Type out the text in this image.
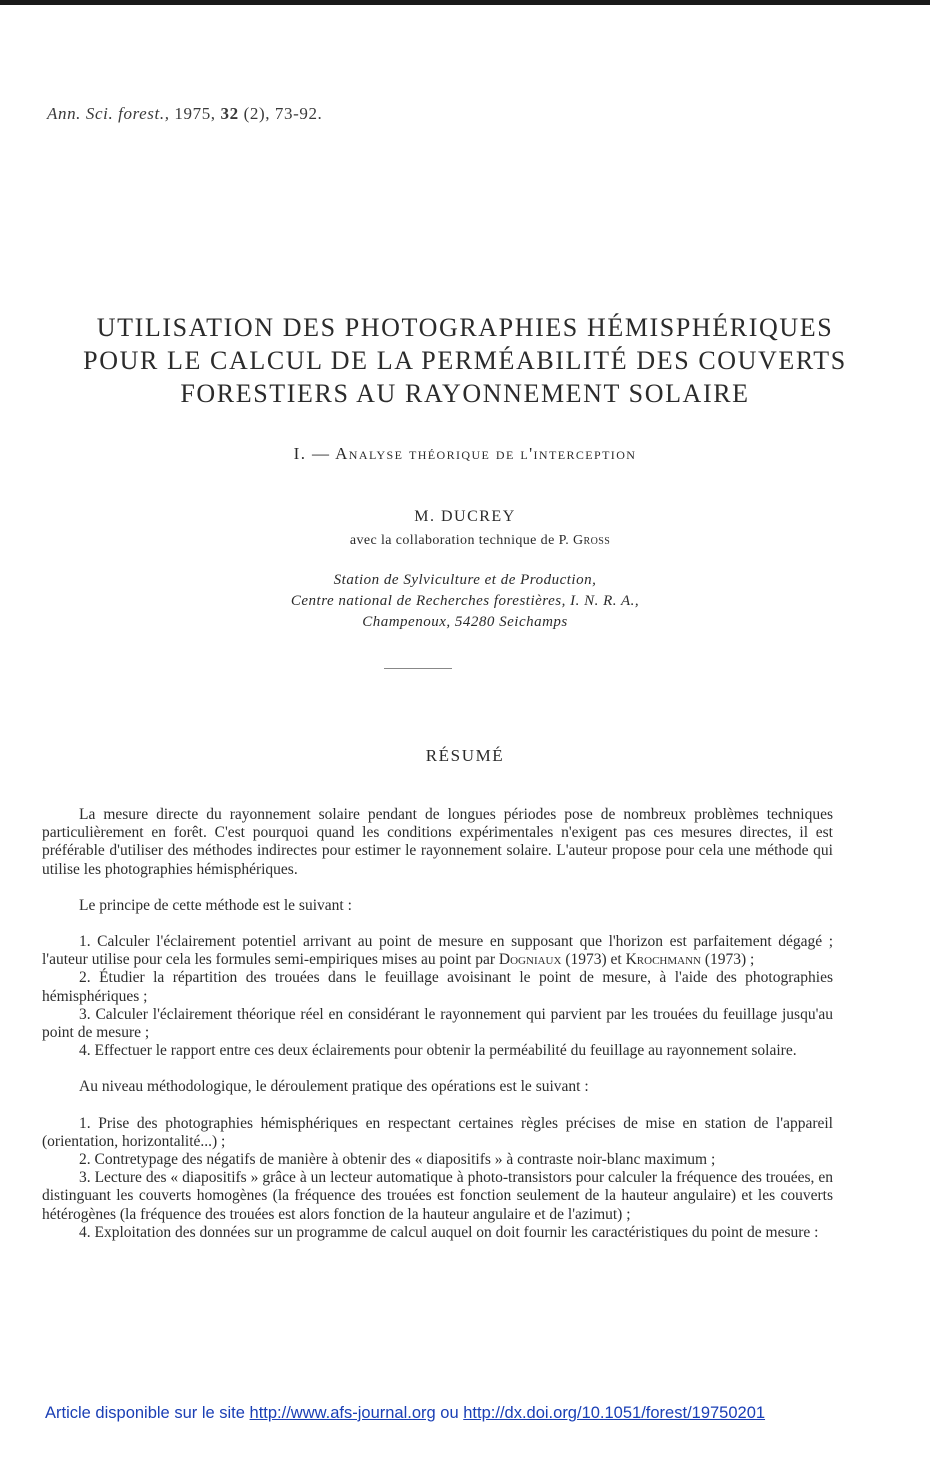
Ann. Sci. forest., 1975, 32 (2), 73-92.
UTILISATION DES PHOTOGRAPHIES HÉMISPHÉRIQUES
POUR LE CALCUL DE LA PERMÉABILITÉ DES COUVERTS
FORESTIERS AU RAYONNEMENT SOLAIRE
I. — Analyse théorique de l'interception
M. DUCREY
avec la collaboration technique de P. Gross
Station de Sylviculture et de Production,
Centre national de Recherches forestières, I. N. R. A.,
Champenoux, 54280 Seichamps
RÉSUMÉ

La mesure directe du rayonnement solaire pendant de longues périodes pose de nombreux problèmes techniques particulièrement en forêt. C'est pourquoi quand les conditions expérimentales n'exigent pas ces mesures directes, il est préférable d'utiliser des méthodes indirectes pour estimer le rayonnement solaire. L'auteur propose pour cela une méthode qui utilise les photographies hémisphériques.

Le principe de cette méthode est le suivant :

1. Calculer l'éclairement potentiel arrivant au point de mesure en supposant que l'horizon est parfaitement dégagé ; l'auteur utilise pour cela les formules semi-empiriques mises au point par Dogniaux (1973) et Krochmann (1973) ;

2. Étudier la répartition des trouées dans le feuillage avoisinant le point de mesure, à l'aide des photographies hémisphériques ;

3. Calculer l'éclairement théorique réel en considérant le rayonnement qui parvient par les trouées du feuillage jusqu'au point de mesure ;

4. Effectuer le rapport entre ces deux éclairements pour obtenir la perméabilité du feuillage au rayonnement solaire.

Au niveau méthodologique, le déroulement pratique des opérations est le suivant :

1. Prise des photographies hémisphériques en respectant certaines règles précises de mise en station de l'appareil (orientation, horizontalité...) ;

2. Contretypage des négatifs de manière à obtenir des « diapositifs » à contraste noir-blanc maximum ;

3. Lecture des « diapositifs » grâce à un lecteur automatique à photo-transistors pour calculer la fréquence des trouées, en distinguant les couverts homogènes (la fréquence des trouées est fonction seulement de la hauteur angulaire) et les couverts hétérogènes (la fréquence des trouées est alors fonction de la hauteur angulaire et de l'azimut) ;

4. Exploitation des données sur un programme de calcul auquel on doit fournir les caractéristiques du point de mesure :

Article disponible sur le site http://www.afs-journal.org ou http://dx.doi.org/10.1051/forest/19750201
